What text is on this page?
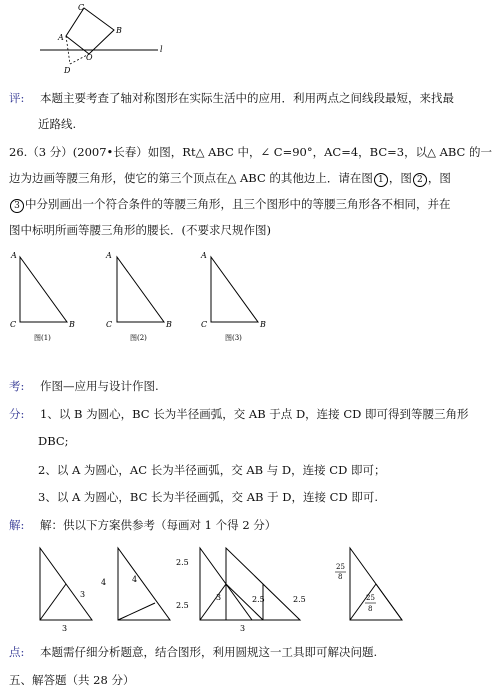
C
B
A
O
l
D
评: 本题主要考查了轴对称图形在实际生活中的应用．利用两点之间线段最短，来找最
近路线.
26.（3 分）(2007•长春）如图，Rt△ ABC 中，∠ C=90°，AC=4，BC=3，以△ ABC 的一
边为边画等腰三角形，使它的第三个顶点在△ ABC 的其他边上．请在图 1 ，图 2 ，图
3 中分别画出一个符合条件的等腰三角形，且三个图形中的等腰三角形各不相同，并在
图中标明所画等腰三角形的腰长．(不要求尺规作图)
A
C	B
图(1)
A
C	B
图(2)
A
C	B
图(3)
考: 作图—应用与设计作图.
分: 1、以 B 为圆心，BC 长为半径画弧，交 AB 于点 D，连接 CD 即可得到等腰三角形
DBC;
2、以 A 为圆心，AC 长为半径画弧，交 AB 与 D，连接 CD 即可；
3、以 A 为圆心，BC 长为半径画弧，交 AB 于 D，连接 CD 即可.
解: 解：供以下方案供参考（每画对 1 个得 2 分）
3
3
4	4
2.5
2.5
3	2.5	2.5
3
25
8
25
8
点: 本题需仔细分析题意，结合图形，利用圆规这一工具即可解决问题.
五、解答题（共 28 分）
